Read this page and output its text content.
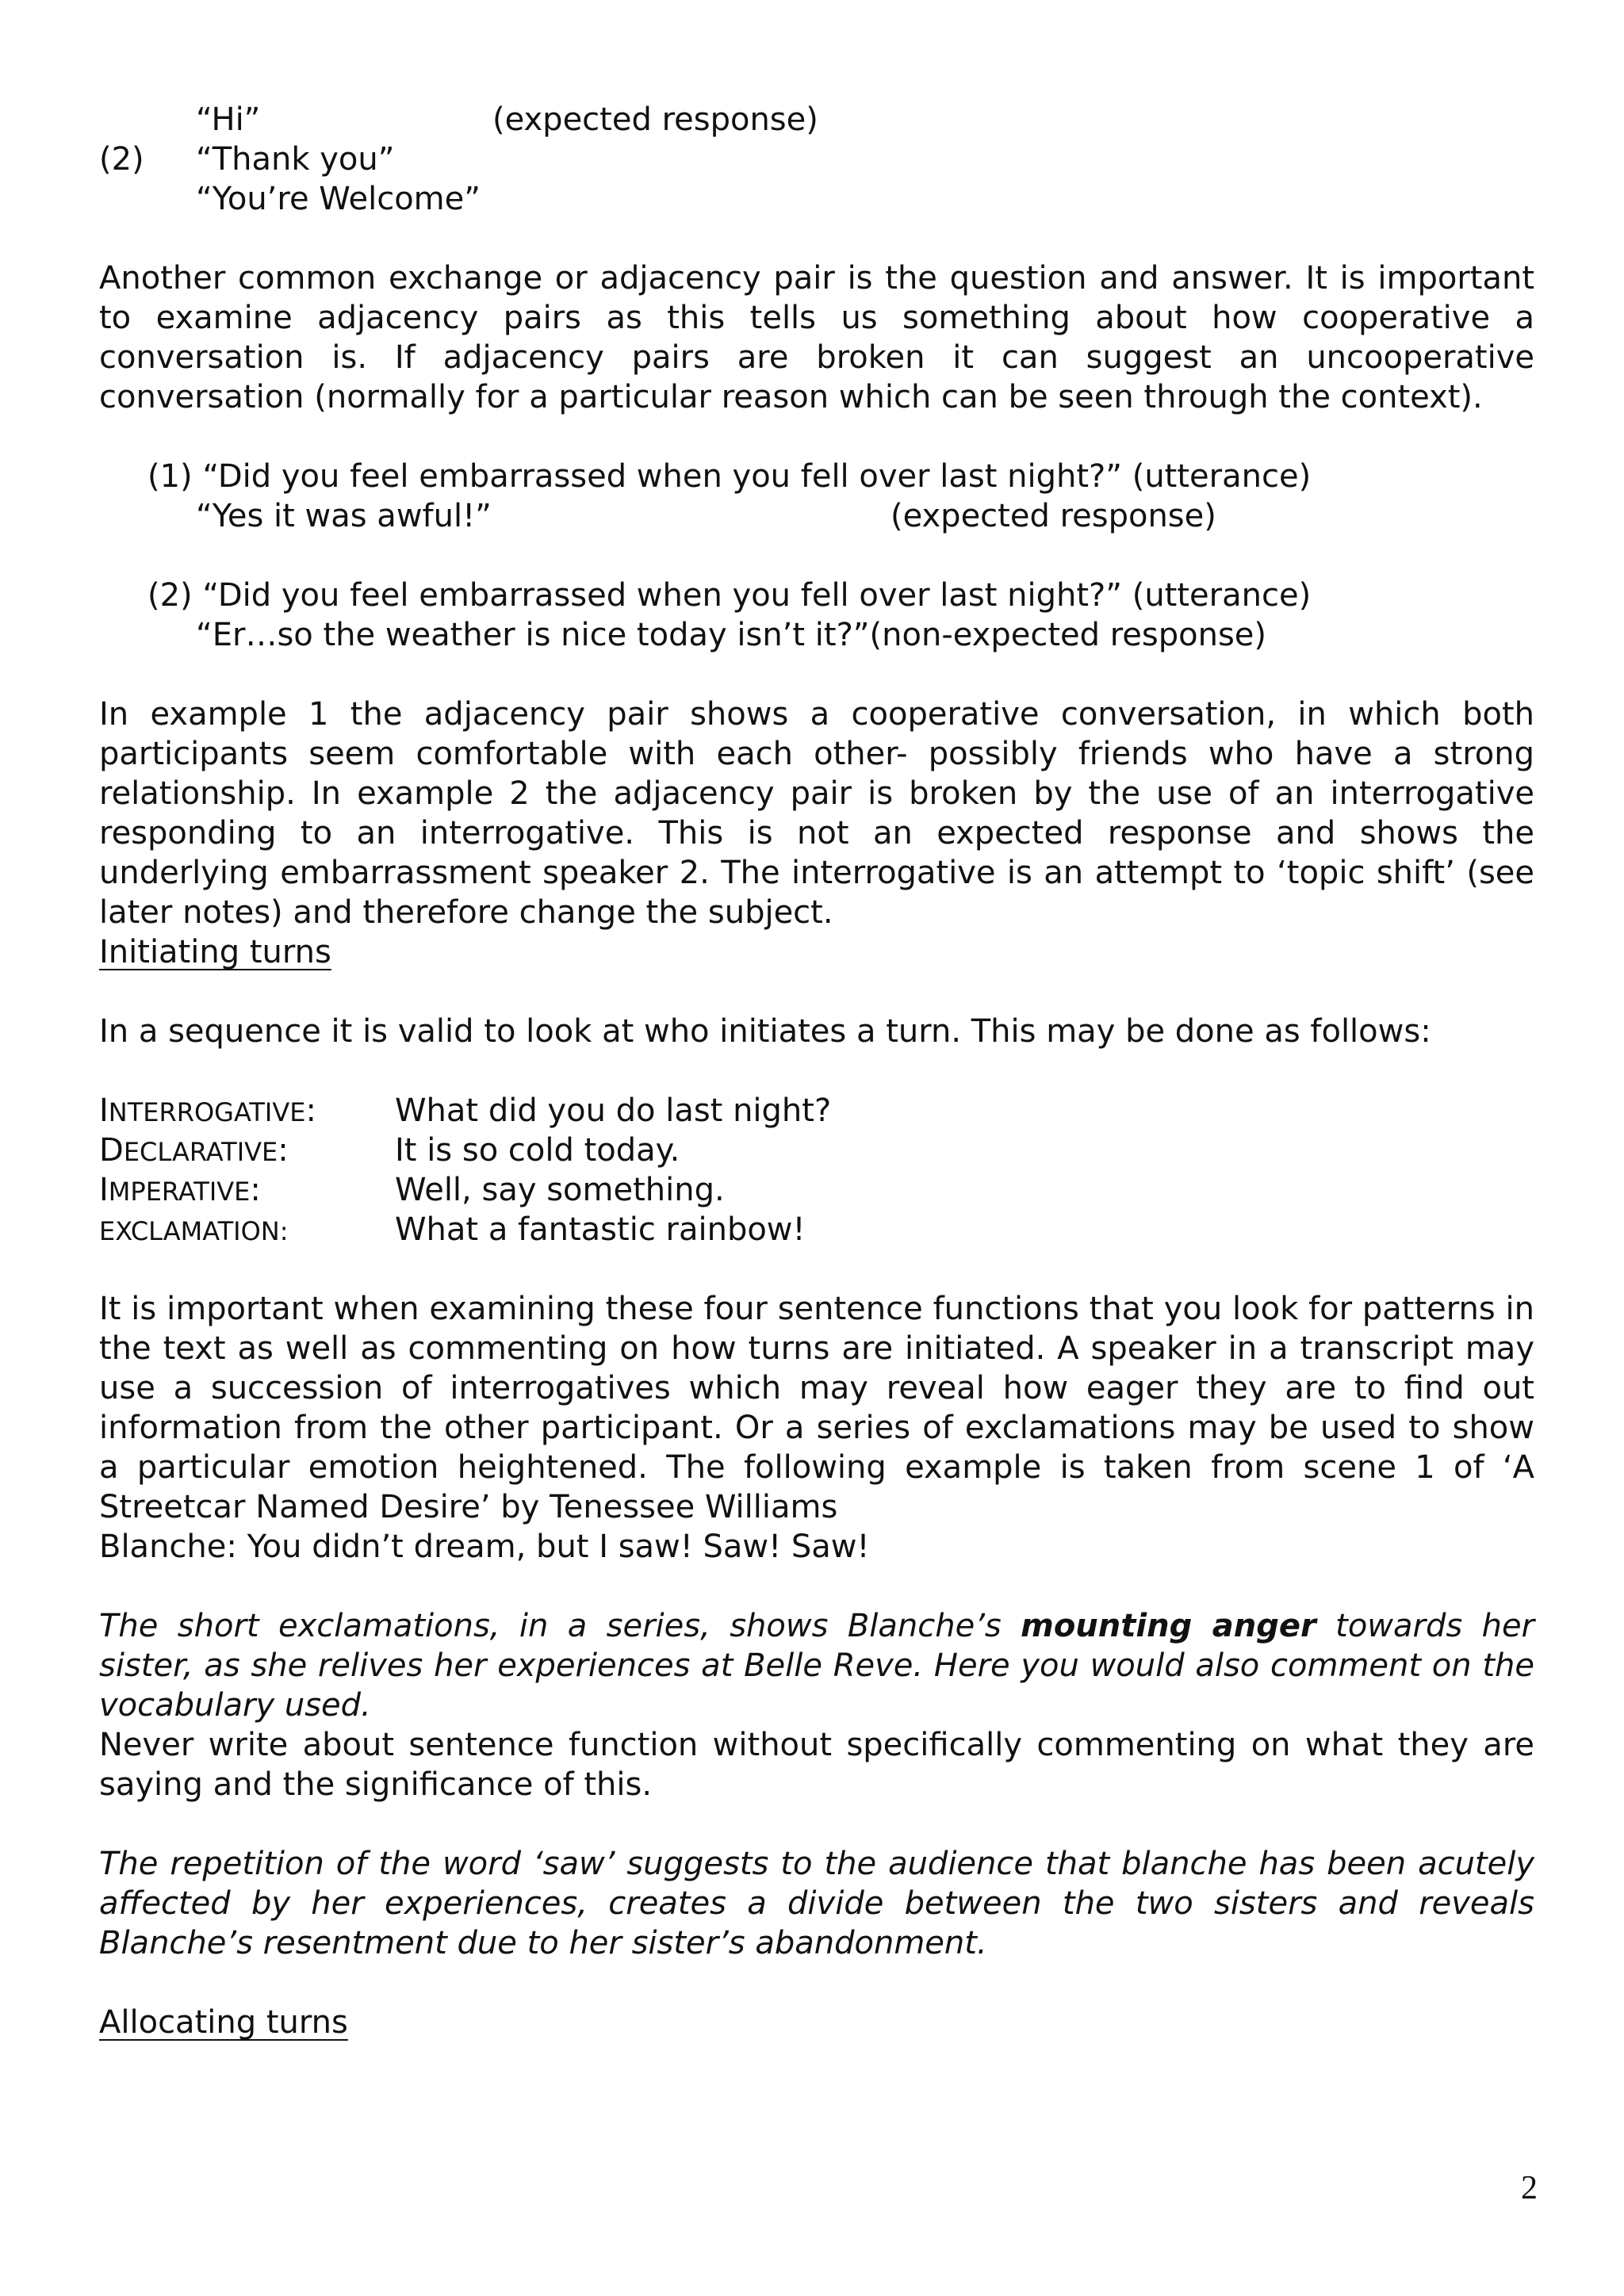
“Hi”	(expected response)
(2) “Thank you”
“You’re Welcome”
Another common exchange or adjacency pair is the question and answer. It is important to examine adjacency pairs as this tells us something about how cooperative a conversation is. If adjacency pairs are broken it can suggest an uncooperative conversation (normally for a particular reason which can be seen through the context).
(1) “Did you feel embarrassed when you fell over last night?” (utterance)
“Yes it was awful!”	(expected response)
(2) “Did you feel embarrassed when you fell over last night?” (utterance)
“Er…so the weather is nice today isn’t it?”(non-expected response)
In example 1 the adjacency pair shows a cooperative conversation, in which both participants seem comfortable with each other- possibly friends who have a strong relationship. In example 2 the adjacency pair is broken by the use of an interrogative responding to an interrogative. This is not an expected response and shows the underlying embarrassment speaker 2. The interrogative is an attempt to ‘topic shift’ (see later notes) and therefore change the subject.
Initiating turns
In a sequence it is valid to look at who initiates a turn. This may be done as follows:
INTERROGATIVE: What did you do last night?
DECLARATIVE:	It is so cold today.
IMPERATIVE:	Well, say something.
EXCLAMATION:	What a fantastic rainbow!
It is important when examining these four sentence functions that you look for patterns in the text as well as commenting on how turns are initiated. A speaker in a transcript may use a succession of interrogatives which may reveal how eager they are to find out information from the other participant. Or a series of exclamations may be used to show a particular emotion heightened. The following example is taken from scene 1 of ‘A Streetcar Named Desire’ by Tenessee Williams
Blanche: You didn’t dream, but I saw! Saw! Saw!
The short exclamations, in a series, shows Blanche’s mounting anger towards her sister, as she relives her experiences at Belle Reve. Here you would also comment on the vocabulary used.
Never write about sentence function without specifically commenting on what they are saying and the significance of this.
The repetition of the word ‘saw’ suggests to the audience that blanche has been acutely affected by her experiences, creates a divide between the two sisters and reveals Blanche’s resentment due to her sister’s abandonment.
Allocating turns
2
